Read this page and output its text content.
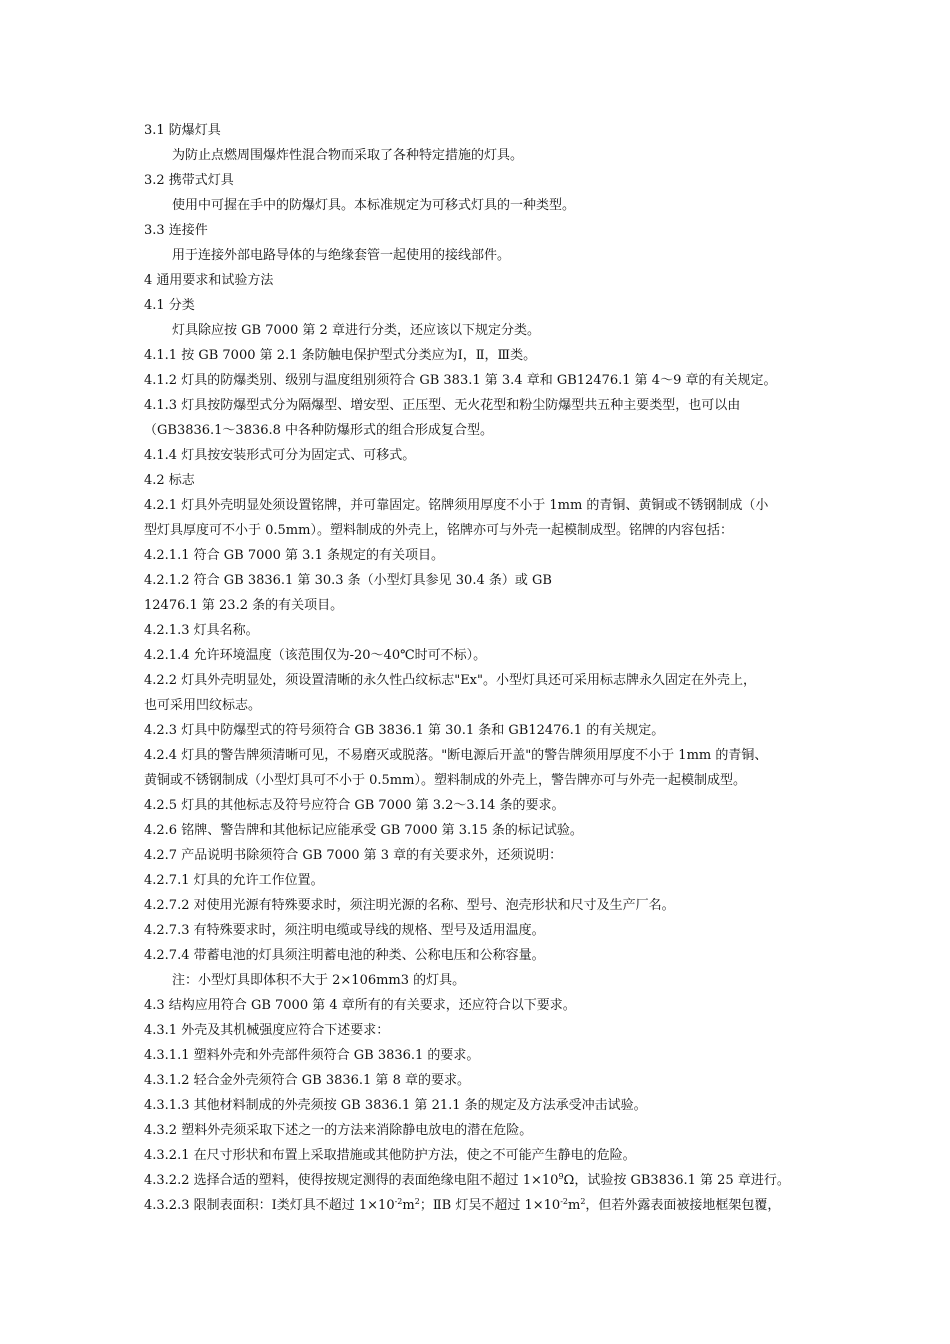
3.1 防爆灯具
为防止点燃周围爆炸性混合物而采取了各种特定措施的灯具。
3.2 携带式灯具
使用中可握在手中的防爆灯具。本标准规定为可移式灯具的一种类型。
3.3 连接件
用于连接外部电路导体的与绝缘套管一起使用的接线部件。
4 通用要求和试验方法
4.1 分类
灯具除应按 GB 7000 第 2 章进行分类，还应该以下规定分类。
4.1.1 按 GB 7000 第 2.1 条防触电保护型式分类应为Ⅰ，Ⅱ，Ⅲ类。
4.1.2 灯具的防爆类别、级别与温度组别须符合 GB 383.1 第 3.4 章和 GB12476.1 第 4～9 章的有关规定。
4.1.3 灯具按防爆型式分为隔爆型、增安型、正压型、无火花型和粉尘防爆型共五种主要类型，也可以由
（GB3836.1～3836.8 中各种防爆形式的组合形成复合型。
4.1.4 灯具按安装形式可分为固定式、可移式。
4.2 标志
4.2.1 灯具外壳明显处须设置铭牌，并可靠固定。铭牌须用厚度不小于 1mm 的青铜、黄铜或不锈钢制成（小
型灯具厚度可不小于 0.5mm）。塑料制成的外壳上，铭牌亦可与外壳一起模制成型。铭牌的内容包括：
4.2.1.1 符合 GB 7000 第 3.1 条规定的有关项目。
4.2.1.2 符合 GB 3836.1 第 30.3 条（小型灯具参见 30.4 条）或 GB
12476.1 第 23.2 条的有关项目。
4.2.1.3 灯具名称。
4.2.1.4 允许环境温度（该范围仅为-20～40℃时可不标）。
4.2.2 灯具外壳明显处，须设置清晰的永久性凸纹标志"Ex"。小型灯具还可采用标志牌永久固定在外壳上，
也可采用凹纹标志。
4.2.3 灯具中防爆型式的符号须符合 GB 3836.1 第 30.1 条和 GB12476.1 的有关规定。
4.2.4 灯具的警告牌须清晰可见，不易磨灭或脱落。"断电源后开盖"的警告牌须用厚度不小于 1mm 的青铜、
黄铜或不锈钢制成（小型灯具可不小于 0.5mm）。塑料制成的外壳上，警告牌亦可与外壳一起模制成型。
4.2.5 灯具的其他标志及符号应符合 GB 7000 第 3.2～3.14 条的要求。
4.2.6 铭牌、警告牌和其他标记应能承受 GB 7000 第 3.15 条的标记试验。
4.2.7 产品说明书除须符合 GB 7000 第 3 章的有关要求外，还须说明：
4.2.7.1 灯具的允许工作位置。
4.2.7.2 对使用光源有特殊要求时，须注明光源的名称、型号、泡壳形状和尺寸及生产厂名。
4.2.7.3 有特殊要求时，须注明电缆或导线的规格、型号及适用温度。
4.2.7.4 带蓄电池的灯具须注明蓄电池的种类、公称电压和公称容量。
注：小型灯具即体积不大于 2×106mm3 的灯具。
4.3 结构应用符合 GB 7000 第 4 章所有的有关要求，还应符合以下要求。
4.3.1 外壳及其机械强度应符合下述要求：
4.3.1.1 塑料外壳和外壳部件须符合 GB 3836.1 的要求。
4.3.1.2 轻合金外壳须符合 GB 3836.1 第 8 章的要求。
4.3.1.3 其他材料制成的外壳须按 GB 3836.1 第 21.1 条的规定及方法承受冲击试验。
4.3.2 塑料外壳须采取下述之一的方法来消除静电放电的潜在危险。
4.3.2.1 在尺寸形状和布置上采取措施或其他防护方法，使之不可能产生静电的危险。
4.3.2.2 选择合适的塑料，使得按规定测得的表面绝缘电阻不超过 $1\times 10^9\Omega$，试验按 GB3836.1 第 25 章进行。
4.3.2.3 限制表面积：Ⅰ类灯具不超过 $1\times 10^{-2}m^2$；ⅡB 灯吴不超过 $1\times 10^{-2}m^2$，但若外露表面被接地框架包覆，
